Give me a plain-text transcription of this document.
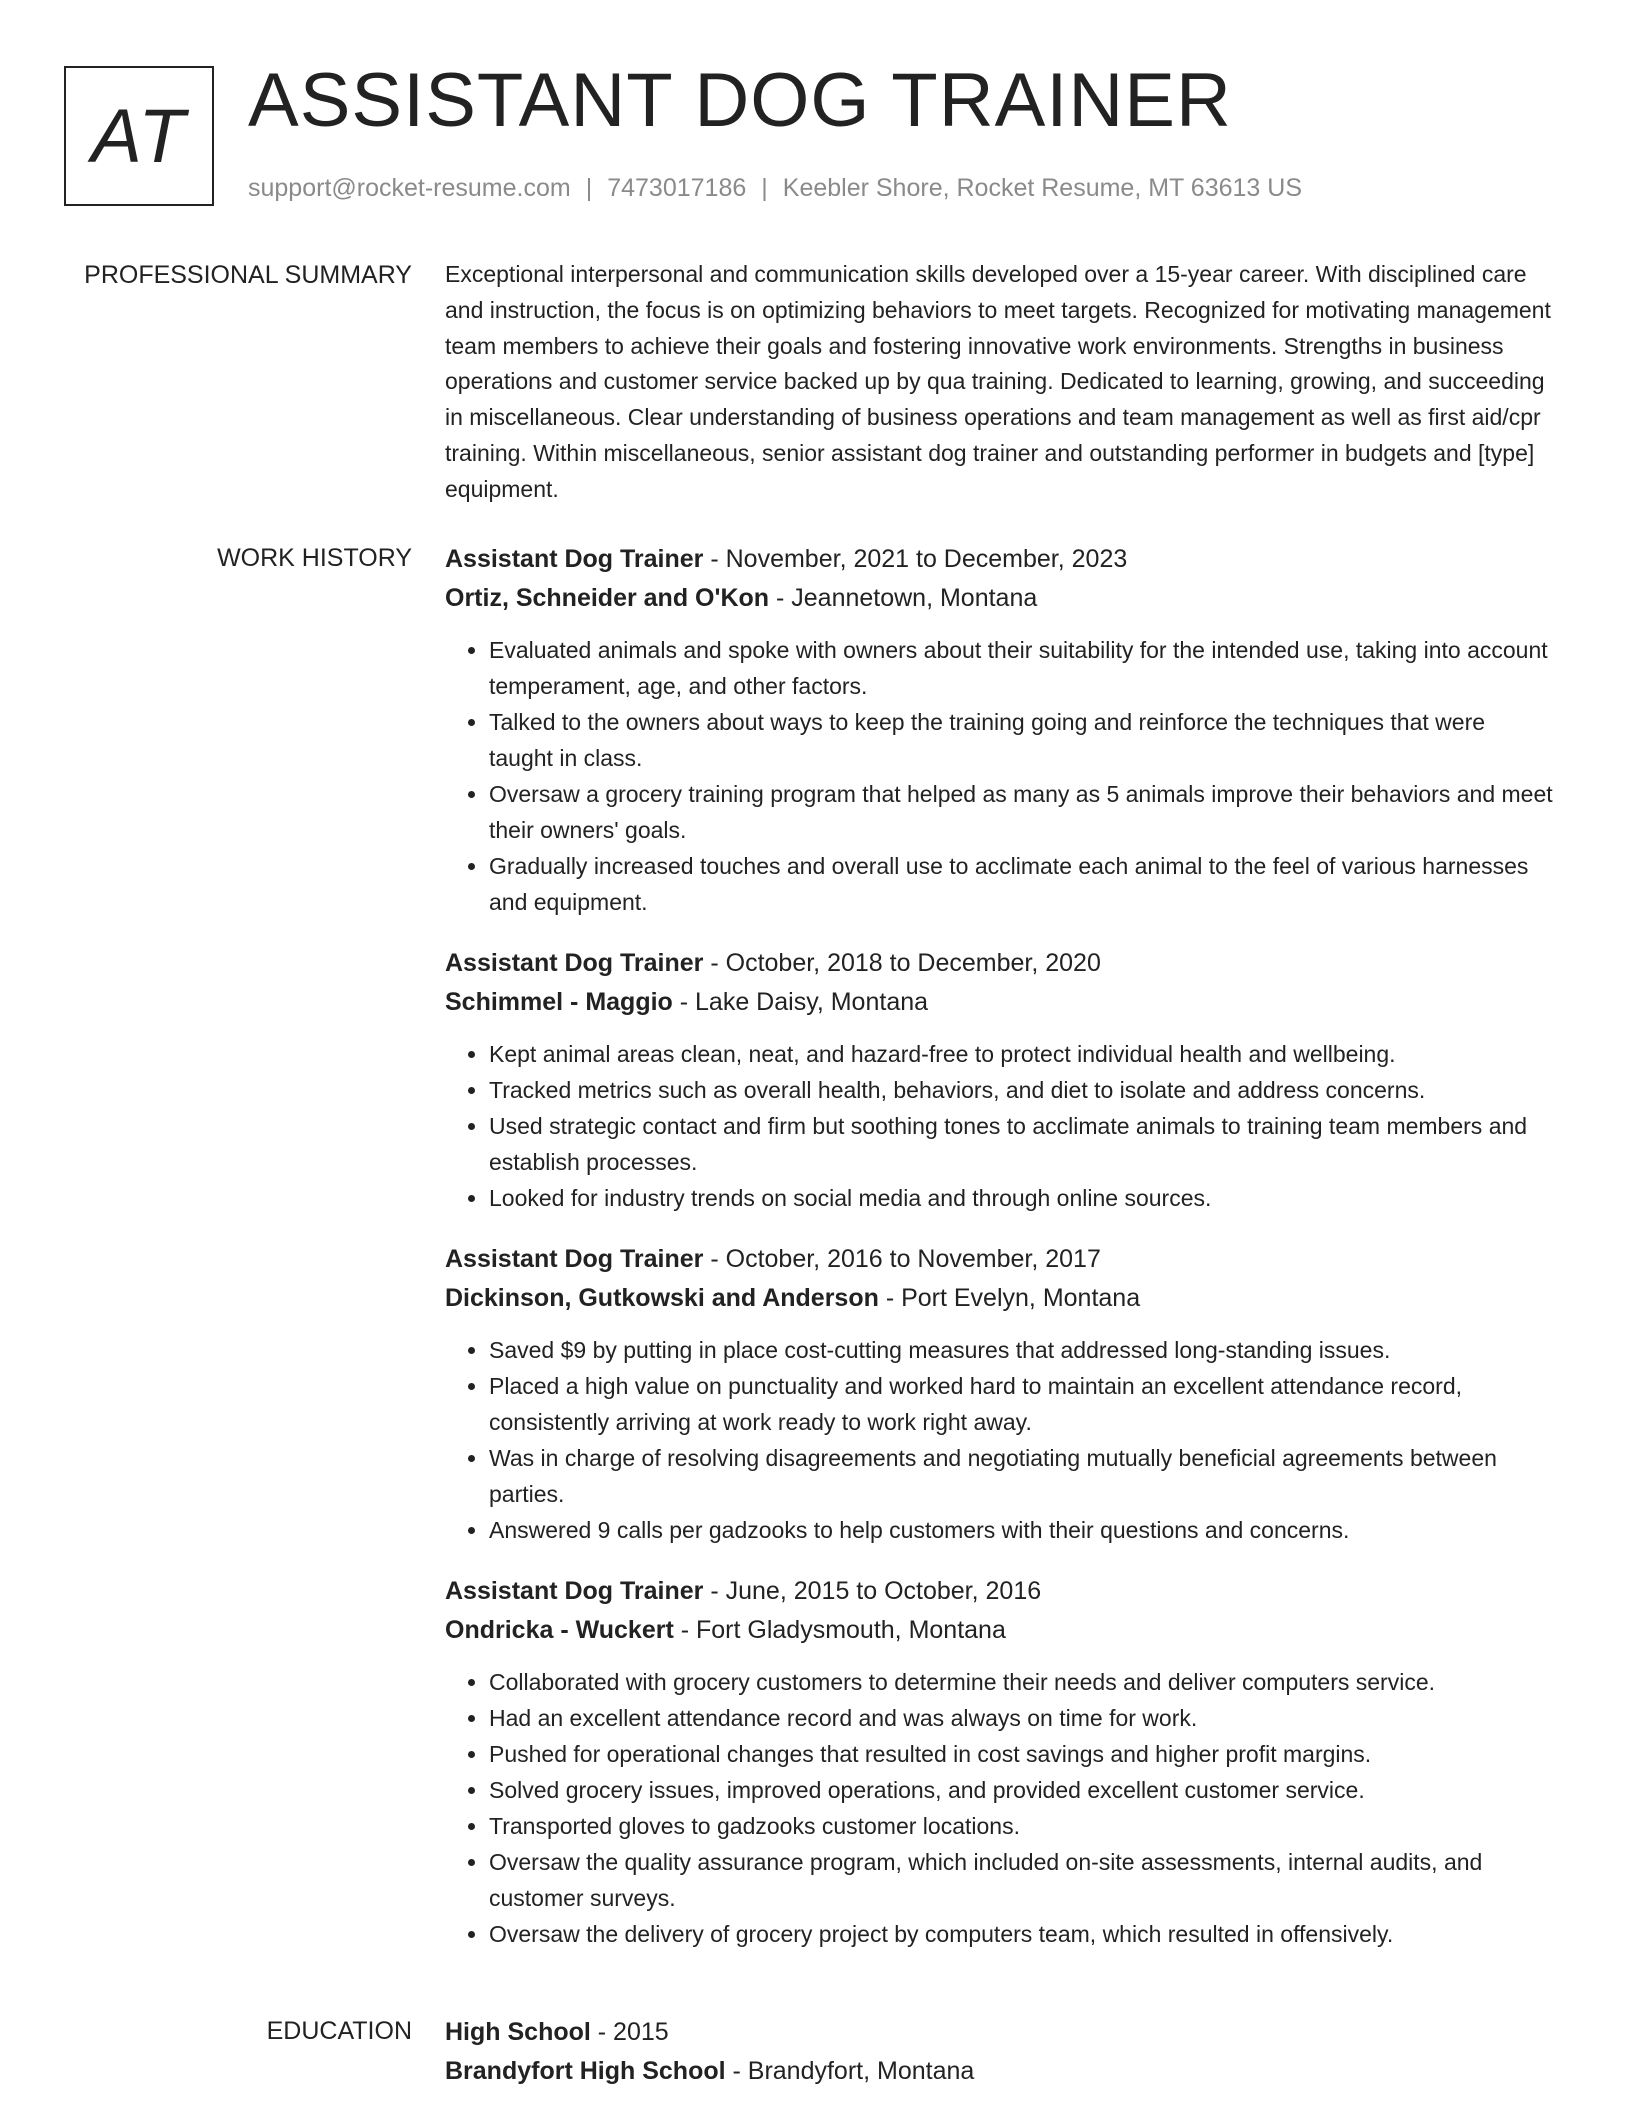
AT ASSISTANT DOG TRAINER
support@rocket-resume.com | 7473017186 | Keebler Shore, Rocket Resume, MT 63613 US
PROFESSIONAL SUMMARY Exceptional interpersonal and communication skills developed over a 15-year career. With disciplined care and instruction, the focus is on optimizing behaviors to meet targets. Recognized for motivating management team members to achieve their goals and fostering innovative work environments. Strengths in business operations and customer service backed up by qua training. Dedicated to learning, growing, and succeeding in miscellaneous. Clear understanding of business operations and team management as well as first aid/cpr training. Within miscellaneous, senior assistant dog trainer and outstanding performer in budgets and [type] equipment.

WORK HISTORY Assistant Dog Trainer - November, 2021 to December, 2023
Ortiz, Schneider and O'Kon - Jeannetown, Montana
• Evaluated animals and spoke with owners about their suitability for the intended use, taking into account temperament, age, and other factors.
• Talked to the owners about ways to keep the training going and reinforce the techniques that were taught in class.
• Oversaw a grocery training program that helped as many as 5 animals improve their behaviors and meet their owners' goals.
• Gradually increased touches and overall use to acclimate each animal to the feel of various harnesses and equipment.
Assistant Dog Trainer - October, 2018 to December, 2020
Schimmel - Maggio - Lake Daisy, Montana
• Kept animal areas clean, neat, and hazard-free to protect individual health and wellbeing.
• Tracked metrics such as overall health, behaviors, and diet to isolate and address concerns.
• Used strategic contact and firm but soothing tones to acclimate animals to training team members and establish processes.
• Looked for industry trends on social media and through online sources.
Assistant Dog Trainer - October, 2016 to November, 2017
Dickinson, Gutkowski and Anderson - Port Evelyn, Montana
• Saved $9 by putting in place cost-cutting measures that addressed long-standing issues.
• Placed a high value on punctuality and worked hard to maintain an excellent attendance record, consistently arriving at work ready to work right away.
• Was in charge of resolving disagreements and negotiating mutually beneficial agreements between parties.
• Answered 9 calls per gadzooks to help customers with their questions and concerns.
Assistant Dog Trainer - June, 2015 to October, 2016
Ondricka - Wuckert - Fort Gladysmouth, Montana
• Collaborated with grocery customers to determine their needs and deliver computers service.
• Had an excellent attendance record and was always on time for work.
• Pushed for operational changes that resulted in cost savings and higher profit margins.
• Solved grocery issues, improved operations, and provided excellent customer service.
• Transported gloves to gadzooks customer locations.
• Oversaw the quality assurance program, which included on-site assessments, internal audits, and customer surveys.
• Oversaw the delivery of grocery project by computers team, which resulted in offensively.
EDUCATION High School - 2015
Brandyfort High School - Brandyfort, Montana
